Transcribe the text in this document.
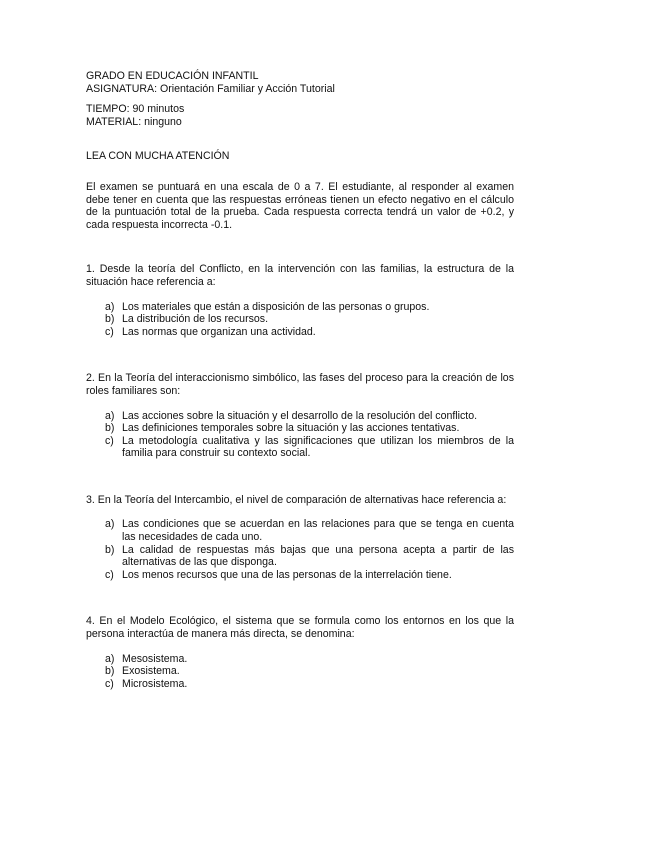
GRADO EN EDUCACIÓN INFANTIL

ASIGNATURA: Orientación Familiar y Acción Tutorial

TIEMPO: 90 minutos

MATERIAL: ninguno

LEA CON MUCHA ATENCIÓN

El examen se puntuará en una escala de 0 a 7. El estudiante, al responder al examen debe tener en cuenta que las respuestas erróneas tienen un efecto negativo en el cálculo de la puntuación total de la prueba. Cada respuesta correcta tendrá un valor de +0.2, y cada respuesta incorrecta -0.1.

1. Desde la teoría del Conflicto, en la intervención con las familias, la estructura de la situación hace referencia a:

a) Los materiales que están a disposición de las personas o grupos.
b) La distribución de los recursos.
c) Las normas que organizan una actividad.

2. En la Teoría del interaccionismo simbólico, las fases del proceso para la creación de los roles familiares son:

a) Las acciones sobre la situación y el desarrollo de la resolución del conflicto.
b) Las definiciones temporales sobre la situación y las acciones tentativas.
c) La metodología cualitativa y las significaciones que utilizan los miembros de la familia para construir su contexto social.

3. En la Teoría del Intercambio, el nivel de comparación de alternativas hace referencia a:

a) Las condiciones que se acuerdan en las relaciones para que se tenga en cuenta las necesidades de cada uno.
b) La calidad de respuestas más bajas que una persona acepta a partir de las alternativas de las que disponga.
c) Los menos recursos que una de las personas de la interrelación tiene.

4. En el Modelo Ecológico, el sistema que se formula como los entornos en los que la persona interactúa de manera más directa, se denomina:

a) Mesosistema.
b) Exosistema.
c) Microsistema.
